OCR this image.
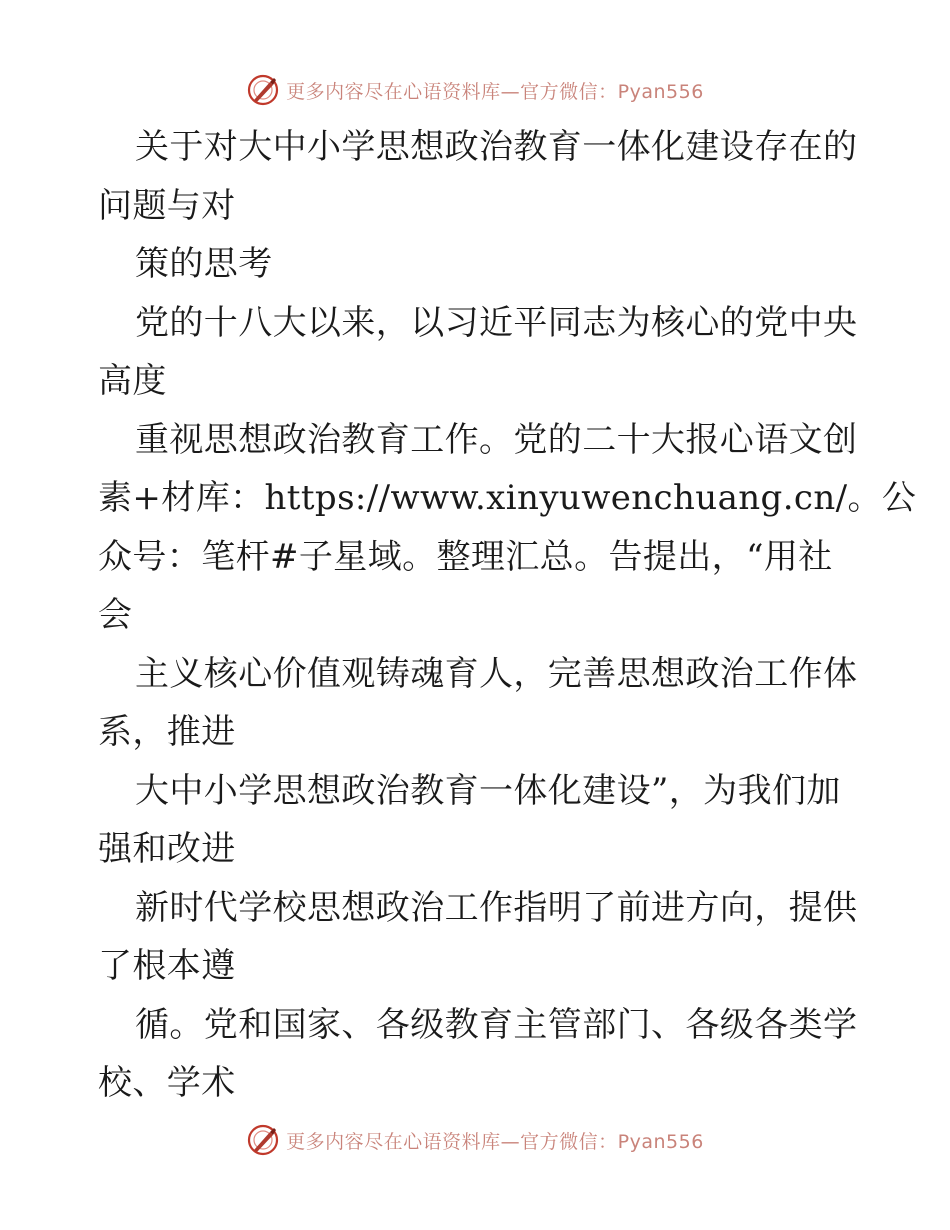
更多内容尽在心语资料库—官方微信：Pyan556

关于对大中小学思想政治教育一体化建设存在的
问题与对

策的思考

党的十八大以来，以习近平同志为核心的党中央
高度

重视思想政治教育工作。党的二十大报心语文创
素+材库：https://www.xinyuwenchuang.cn/。公
众号：笔杆#子星域。整理汇总。告提出，“用社
会

主义核心价值观铸魂育人，完善思想政治工作体
系，推进

大中小学思想政治教育一体化建设”，为我们加
强和改进

新时代学校思想政治工作指明了前进方向，提供
了根本遵

循。党和国家、各级教育主管部门、各级各类学
校、学术

更多内容尽在心语资料库—官方微信：Pyan556
